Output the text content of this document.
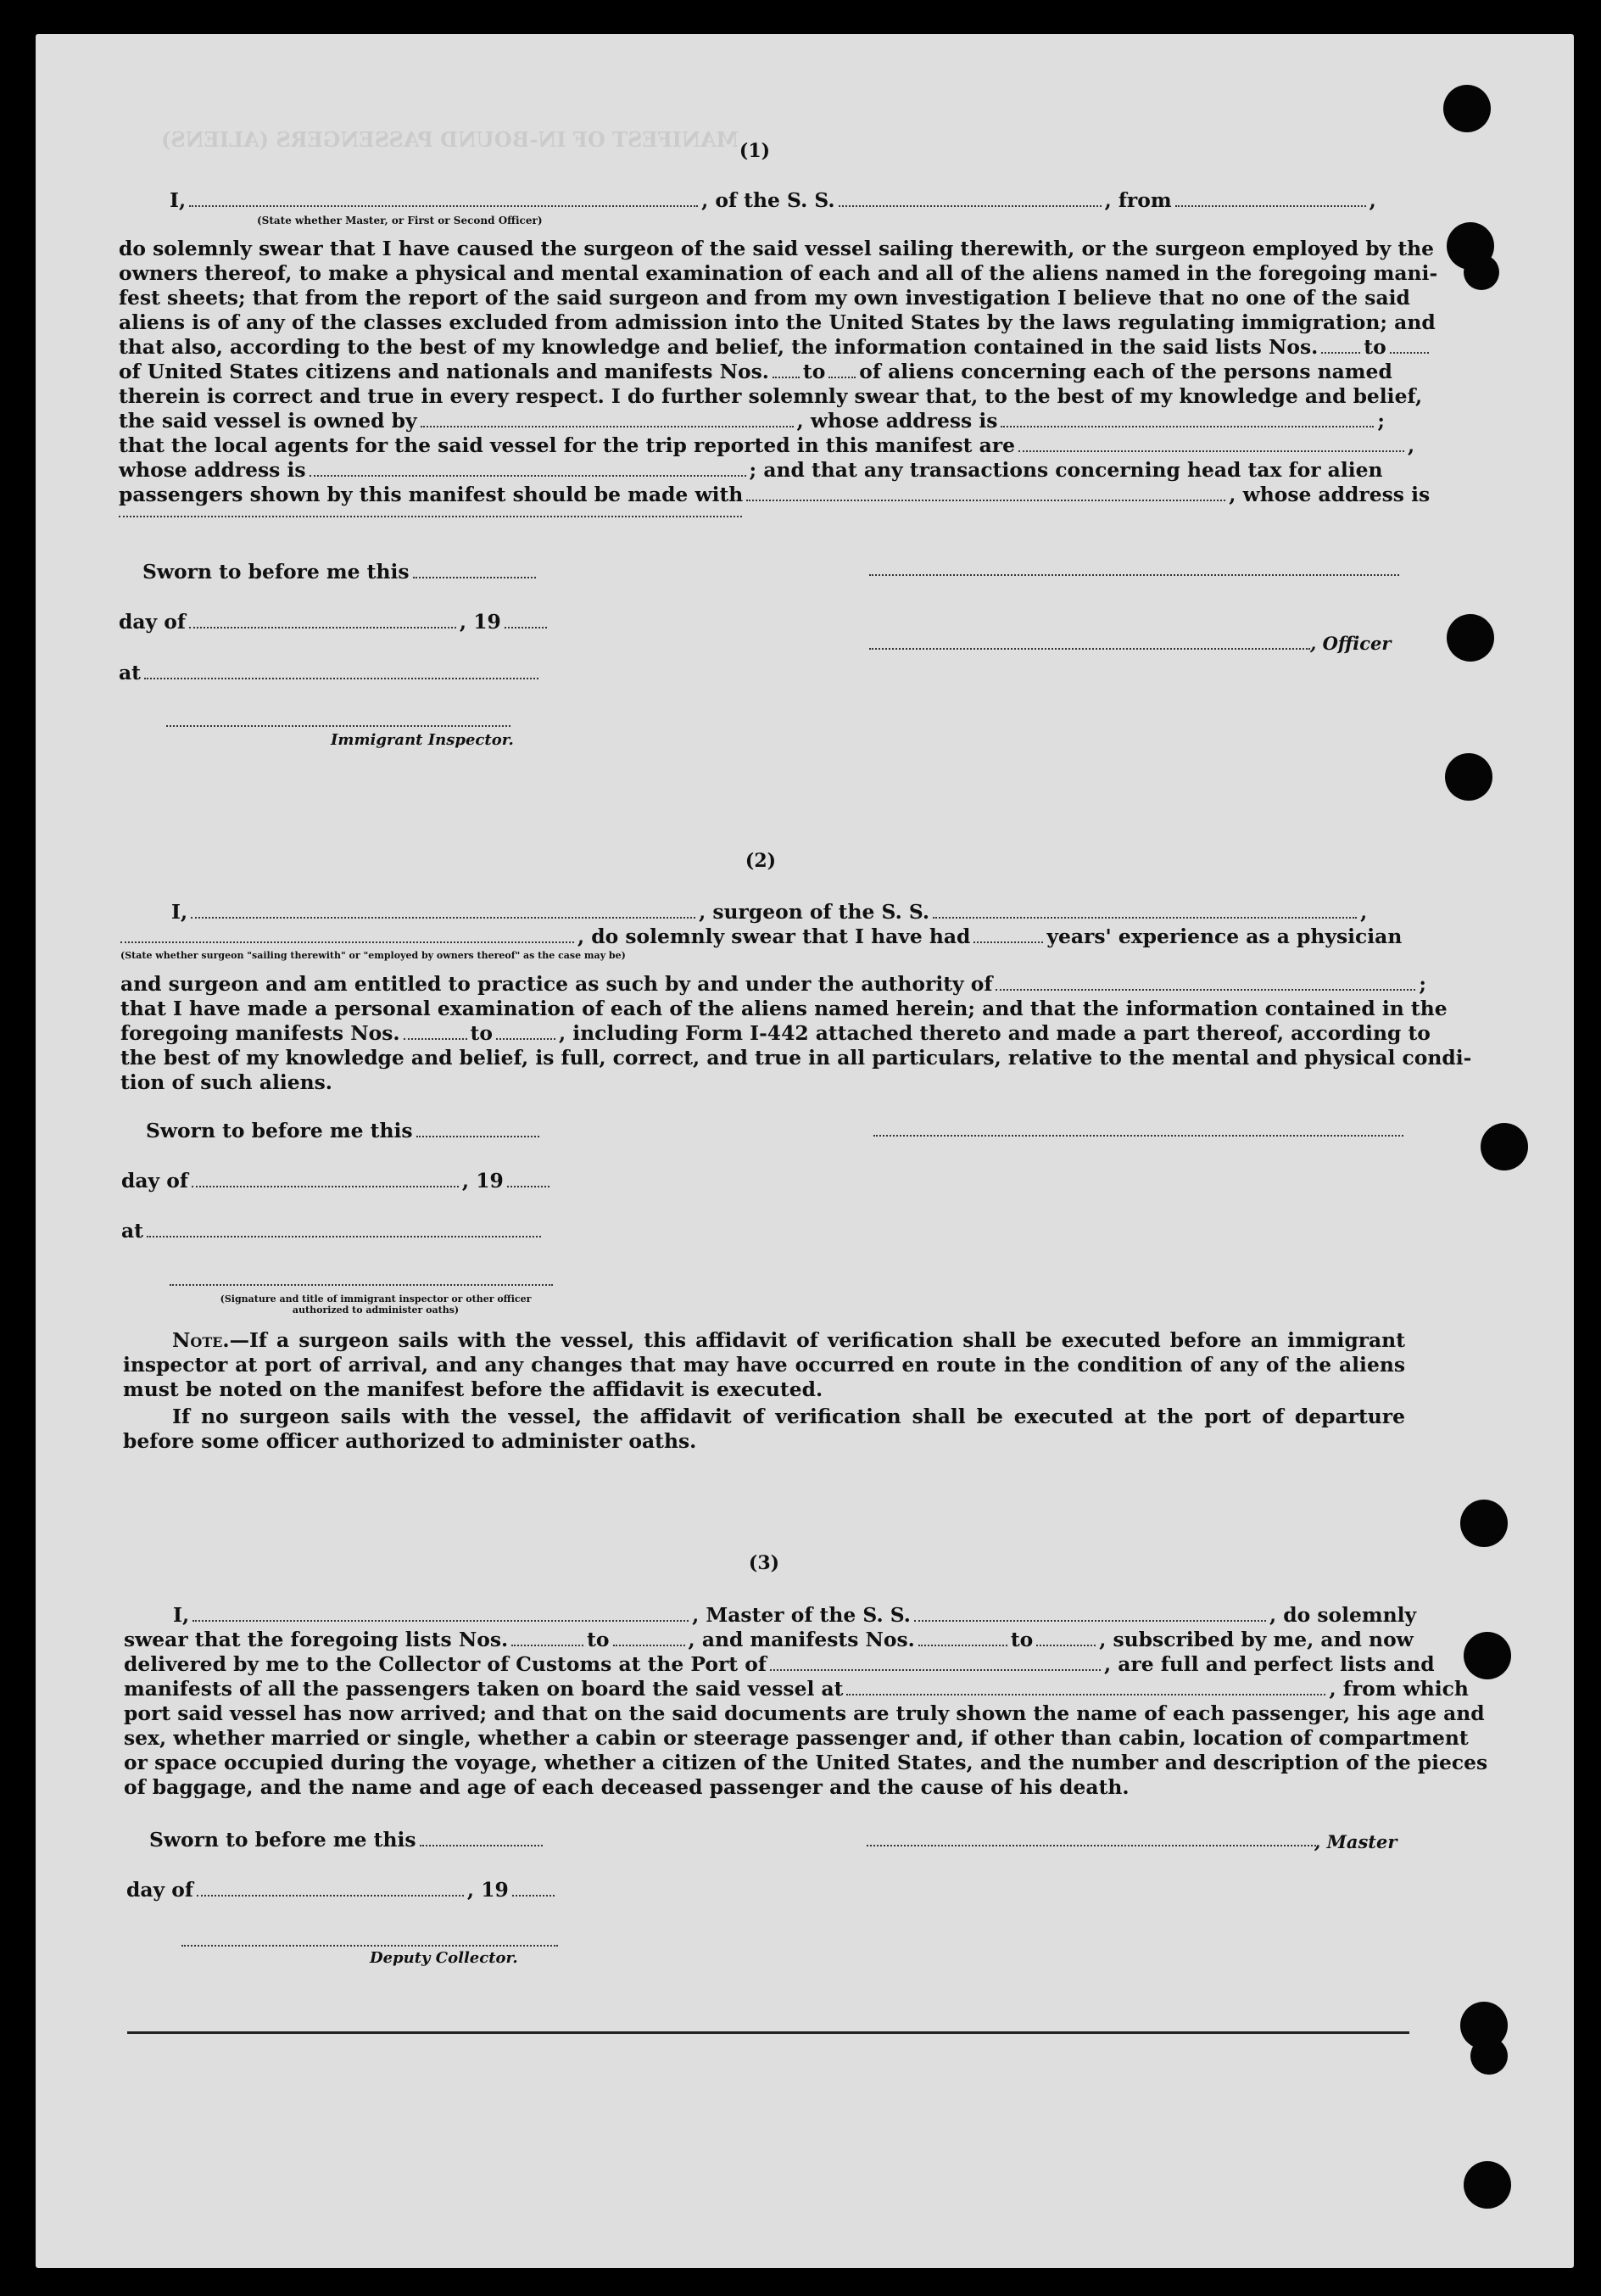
MANIFEST OF IN-BOUND PASSENGERS (ALIENS) (1)
I,	, of the S. S.	, from	,
(State whether Master, or First or Second Officer)
do solemnly swear that I have caused the surgeon of the said vessel sailing therewith, or the surgeon employed by the
owners thereof, to make a physical and mental examination of each and all of the aliens named in the foregoing mani-
fest sheets; that from the report of the said surgeon and from my own investigation I believe that no one of the said
aliens is of any of the classes excluded from admission into the United States by the laws regulating immigration; and
that also, according to the best of my knowledge and belief, the information contained in the said lists Nos. to
of United States citizens and nationals and manifests Nos. to of aliens concerning each of the persons named
therein is correct and true in every respect. I do further solemnly swear that, to the best of my knowledge and belief,
the said vessel is owned by	, whose address is	;
that the local agents for the said vessel for the trip reported in this manifest are	,
whose address is	; and that any transactions concerning head tax for alien
passengers shown by this manifest should be made with	, whose address is
Sworn to before me this
day of	, 19
, Officer
at
Immigrant Inspector.
(2)
I,	, surgeon of the S. S.	,
, do solemnly swear that I have had	years' experience as a physician
(State whether surgeon "sailing therewith" or "employed by owners thereof" as the case may be)
and surgeon and am entitled to practice as such by and under the authority of	;
that I have made a personal examination of each of the aliens named herein; and that the information contained in the
foregoing manifests Nos.	to	, including Form I-442 attached thereto and made a part thereof, according to
the best of my knowledge and belief, is full, correct, and true in all particulars, relative to the mental and physical condi-
tion of such aliens.
Sworn to before me this
day of	, 19
at
(Signature and title of immigrant inspector or other officer authorized to administer oaths)
Note.—If a surgeon sails with the vessel, this affidavit of verification shall be executed before an immigrant inspector at port of arrival, and any changes that may have occurred en route in the condition of any of the aliens must be noted on the manifest before the affidavit is executed.
If no surgeon sails with the vessel, the affidavit of verification shall be executed at the port of departure before some officer authorized to administer oaths.
(3)
I,	, Master of the S. S.	, do solemnly
swear that the foregoing lists Nos.	to	, and manifests Nos.	to	, subscribed by me, and now
delivered by me to the Collector of Customs at the Port of	, are full and perfect lists and
manifests of all the passengers taken on board the said vessel at	, from which
port said vessel has now arrived; and that on the said documents are truly shown the name of each passenger, his age and
sex, whether married or single, whether a cabin or steerage passenger and, if other than cabin, location of compartment
or space occupied during the voyage, whether a citizen of the United States, and the number and description of the pieces
of baggage, and the name and age of each deceased passenger and the cause of his death.
Sworn to before me this	, Master
day of	, 19
Deputy Collector.
